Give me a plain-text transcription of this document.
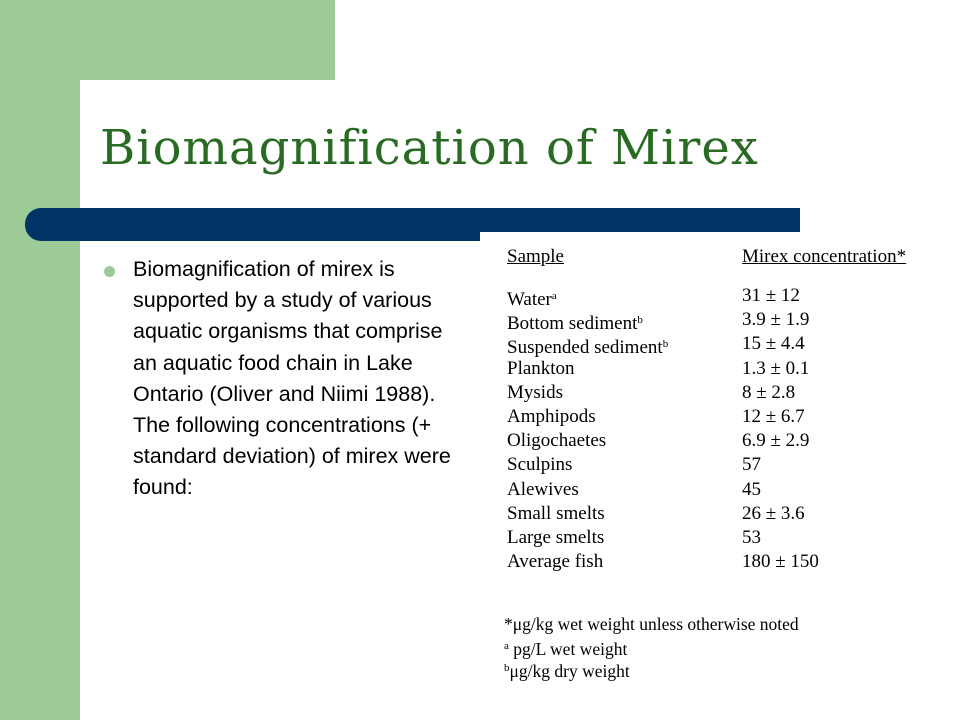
Biomagnification of Mirex
Biomagnification of mirex is supported by a study of various aquatic organisms that comprise an aquatic food chain in Lake Ontario (Oliver and Niimi 1988). The following concentrations (+ standard deviation) of mirex were found:
Sample	Mirex concentration*
Water$^a$	31 ± 12
Bottom sediment$^b$	3.9 ± 1.9
Suspended sediment$^b$	15 ± 4.4
Plankton	1.3 ± 0.1
Mysids	8 ± 2.8
Amphipods	12 ± 6.7
Oligochaetes	6.9 ± 2.9
Sculpins	57
Alewives	45
Small smelts	26 ± 3.6
Large smelts	53
Average fish	180 ± 150
*μg/kg wet weight unless otherwise noted
$^a$ pg/L wet weight
$^b$μg/kg dry weight
